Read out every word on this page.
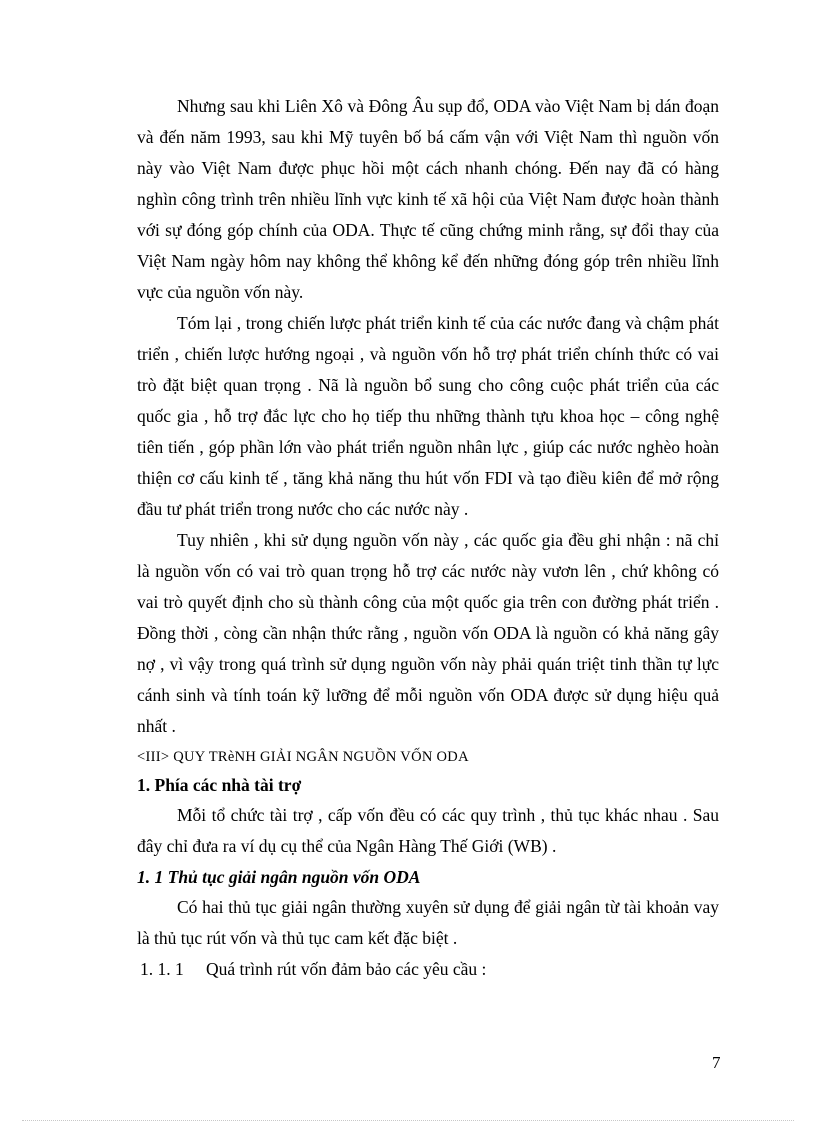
Nhưng sau khi Liên Xô và Đông Âu sụp đổ, ODA vào Việt Nam bị dán đoạn và đến năm 1993, sau khi Mỹ tuyên bố bá cấm vận với Việt Nam thì nguồn vốn này vào Việt Nam được phục hồi một cách nhanh chóng. Đến nay đã có hàng nghìn công trình trên nhiều lĩnh vực kinh tế xã hội của Việt Nam được hoàn thành với sự đóng góp chính của ODA. Thực tế cũng chứng minh rằng, sự đổi thay của Việt Nam ngày hôm nay không thể không kể đến những đóng góp trên nhiều lĩnh vực của nguồn vốn này.

Tóm lại , trong chiến lược phát triển kinh tế của các nước đang và chậm phát triển , chiến lược hướng ngoại , và nguồn vốn hỗ trợ phát triển chính thức có vai trò đặt biệt quan trọng . Nã là nguồn bổ sung cho công cuộc phát triển của các quốc gia , hỗ trợ đắc lực cho họ tiếp thu những thành tựu khoa học – công nghệ tiên tiến , góp phần lớn vào phát triển nguồn nhân lực , giúp các nước nghèo hoàn thiện cơ cấu kinh tế , tăng khả năng thu hút vốn FDI và tạo điều kiên để mở rộng đầu tư phát triển trong nước cho các nước này .

Tuy nhiên , khi sử dụng nguồn vốn này , các quốc gia đều ghi nhận : nã chỉ là nguồn vốn có vai trò quan trọng hỗ trợ các nước này vươn lên , chứ không có vai trò quyết định cho sù thành công của một quốc gia trên con đường phát triển . Đồng thời , còng cần nhận thức rằng , nguồn vốn ODA là nguồn có khả năng gây nợ , vì vậy trong quá trình sử dụng nguồn vốn này phải quán triệt tinh thần tự lực cánh sinh và tính toán kỹ lưỡng để mỗi nguồn vốn ODA được sử dụng hiệu quả nhất .

<III> QUY TRèNH GIẢI NGÂN NGUỒN VỐN ODA

1. Phía các nhà tài trợ

Mỗi tổ chức tài trợ , cấp vốn đều có các quy trình , thủ tục khác nhau . Sau đây chỉ đưa ra ví dụ cụ thể của Ngân Hàng Thế Giới (WB) .

1. 1 Thủ tục giải ngân nguồn vốn ODA

Có hai thủ tục giải ngân thường xuyên sử dụng để giải ngân từ tài khoản vay là thủ tục rút vốn và thủ tục cam kết đặc biệt .

1. 1. 1 Quá trình rút vốn đảm bảo các yêu cầu :

7
